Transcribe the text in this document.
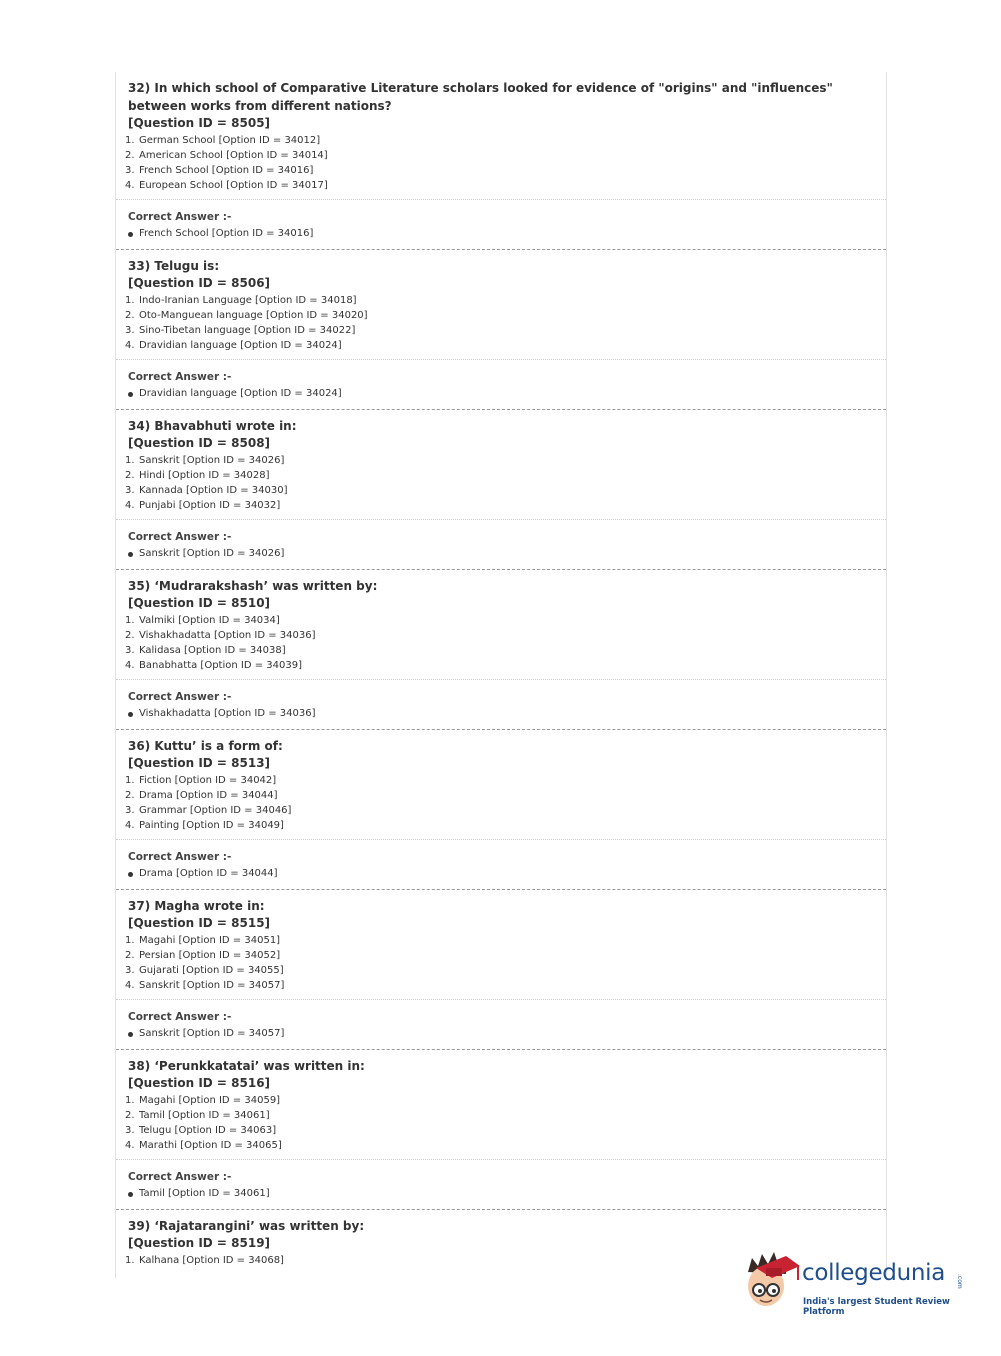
32) In which school of Comparative Literature scholars looked for evidence of "origins" and "influences" between works from different nations?
[Question ID = 8505]
1. German School [Option ID = 34012]
2. American School [Option ID = 34014]
3. French School [Option ID = 34016]
4. European School [Option ID = 34017]
Correct Answer :-
French School [Option ID = 34016]
33) Telugu is:
[Question ID = 8506]
1. Indo-Iranian Language [Option ID = 34018]
2. Oto-Manguean language [Option ID = 34020]
3. Sino-Tibetan language [Option ID = 34022]
4. Dravidian language [Option ID = 34024]
Correct Answer :-
Dravidian language [Option ID = 34024]
34) Bhavabhuti wrote in:
[Question ID = 8508]
1. Sanskrit [Option ID = 34026]
2. Hindi [Option ID = 34028]
3. Kannada [Option ID = 34030]
4. Punjabi [Option ID = 34032]
Correct Answer :-
Sanskrit [Option ID = 34026]
35) ‘Mudrarakshash’ was written by:
[Question ID = 8510]
1. Valmiki [Option ID = 34034]
2. Vishakhadatta [Option ID = 34036]
3. Kalidasa [Option ID = 34038]
4. Banabhatta [Option ID = 34039]
Correct Answer :-
Vishakhadatta [Option ID = 34036]
36) Kuttu’ is a form of:
[Question ID = 8513]
1. Fiction [Option ID = 34042]
2. Drama [Option ID = 34044]
3. Grammar [Option ID = 34046]
4. Painting [Option ID = 34049]
Correct Answer :-
Drama [Option ID = 34044]
37) Magha wrote in:
[Question ID = 8515]
1. Magahi [Option ID = 34051]
2. Persian [Option ID = 34052]
3. Gujarati [Option ID = 34055]
4. Sanskrit [Option ID = 34057]
Correct Answer :-
Sanskrit [Option ID = 34057]
38) ‘Perunkkatatai’ was written in:
[Question ID = 8516]
1. Magahi [Option ID = 34059]
2. Tamil [Option ID = 34061]
3. Telugu [Option ID = 34063]
4. Marathi [Option ID = 34065]
Correct Answer :-
Tamil [Option ID = 34061]
39) ‘Rajatarangini’ was written by:
[Question ID = 8519]
1. Kalhana [Option ID = 34068]	collegedunia .com
India's largest Student Review Platform
